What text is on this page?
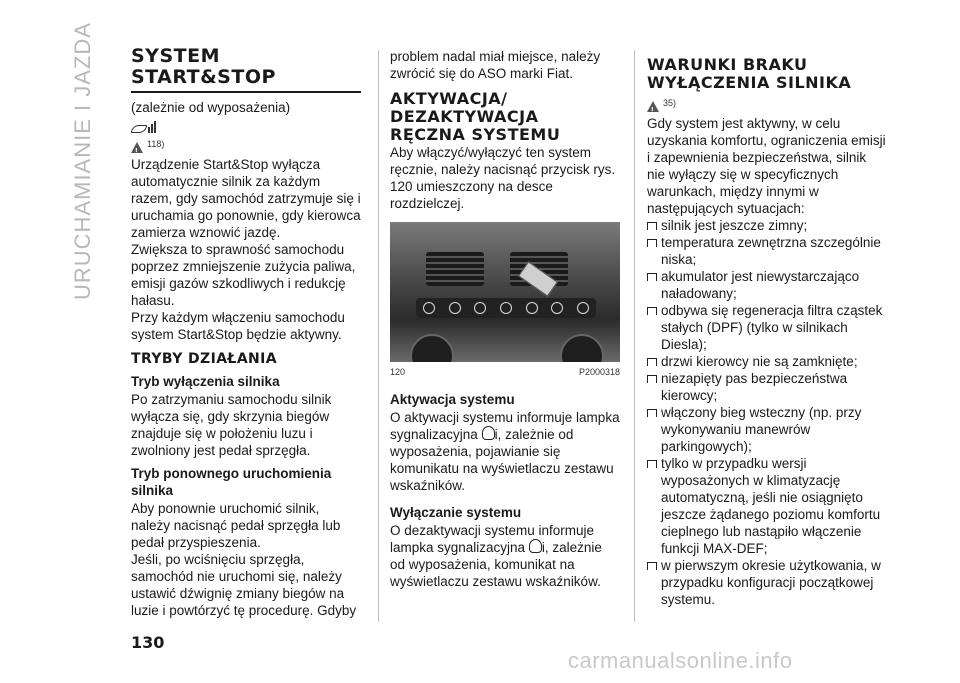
URUCHAMIANIE I JAZDA SYSTEM
START&STOP

(zależnie od wyposażenia)

!
118)

Urządzenie Start&Stop wyłącza automatycznie silnik za każdym razem, gdy samochód zatrzymuje się i uruchamia go ponownie, gdy kierowca zamierza wznowić jazdę.

Zwiększa to sprawność samochodu poprzez zmniejszenie zużycia paliwa, emisji gazów szkodliwych i redukcję hałasu.

Przy każdym włączeniu samochodu system Start&Stop będzie aktywny.

TRYBY DZIAŁANIA
Tryb wyłączenia silnika

Po zatrzymaniu samochodu silnik wyłącza się, gdy skrzynia biegów znajduje się w położeniu luzu i zwolniony jest pedał sprzęgła.

Tryb ponownego uruchomienia silnika

Aby ponownie uruchomić silnik, należy nacisnąć pedał sprzęgła lub pedał przyspieszenia.

Jeśli, po wciśnięciu sprzęgła, samochód nie uruchomi się, należy ustawić dźwignię zmiany biegów na luzie i powtórzyć tę procedurę. Gdyby

problem nadal miał miejsce, należy zwrócić się do ASO marki Fiat.

AKTYWACJA/ DEZAKTYWACJA RĘCZNA SYSTEMU

Aby włączyć/wyłączyć ten system ręcznie, należy nacisnąć przycisk rys. 120 umieszczony na desce rozdzielczej.

120	P2000318
Aktywacja systemu

O aktywacji systemu informuje lampka sygnalizacyjna i, zależnie od wyposażenia, pojawianie się komunikatu na wyświetlaczu zestawu wskaźników.

Wyłączanie systemu

O dezaktywacji systemu informuje lampka sygnalizacyjna i, zależnie od wyposażenia, komunikat na wyświetlaczu zestawu wskaźników.

WARUNKI BRAKU
WYŁĄCZENIA SILNIKA
!
35)

Gdy system jest aktywny, w celu uzyskania komfortu, ograniczenia emisji i zapewnienia bezpieczeństwa, silnik nie wyłączy się w specyficznych warunkach, między innymi w następujących sytuacjach:

silnik jest jeszcze zimny;
temperatura zewnętrzna szczególnie niska;
akumulator jest niewystarczająco naładowany;
odbywa się regeneracja filtra cząstek stałych (DPF) (tylko w silnikach Diesla);
drzwi kierowcy nie są zamknięte;
niezapięty pas bezpieczeństwa kierowcy;
włączony bieg wsteczny (np. przy wykonywaniu manewrów parkingowych);
tylko w przypadku wersji wyposażonych w klimatyzację automatyczną, jeśli nie osiągnięto jeszcze żądanego poziomu komfortu cieplnego lub nastąpiło włączenie funkcji MAX-DEF;
w pierwszym okresie użytkowania, w przypadku konfiguracji początkowej systemu.
130
carmanualsonline.info
